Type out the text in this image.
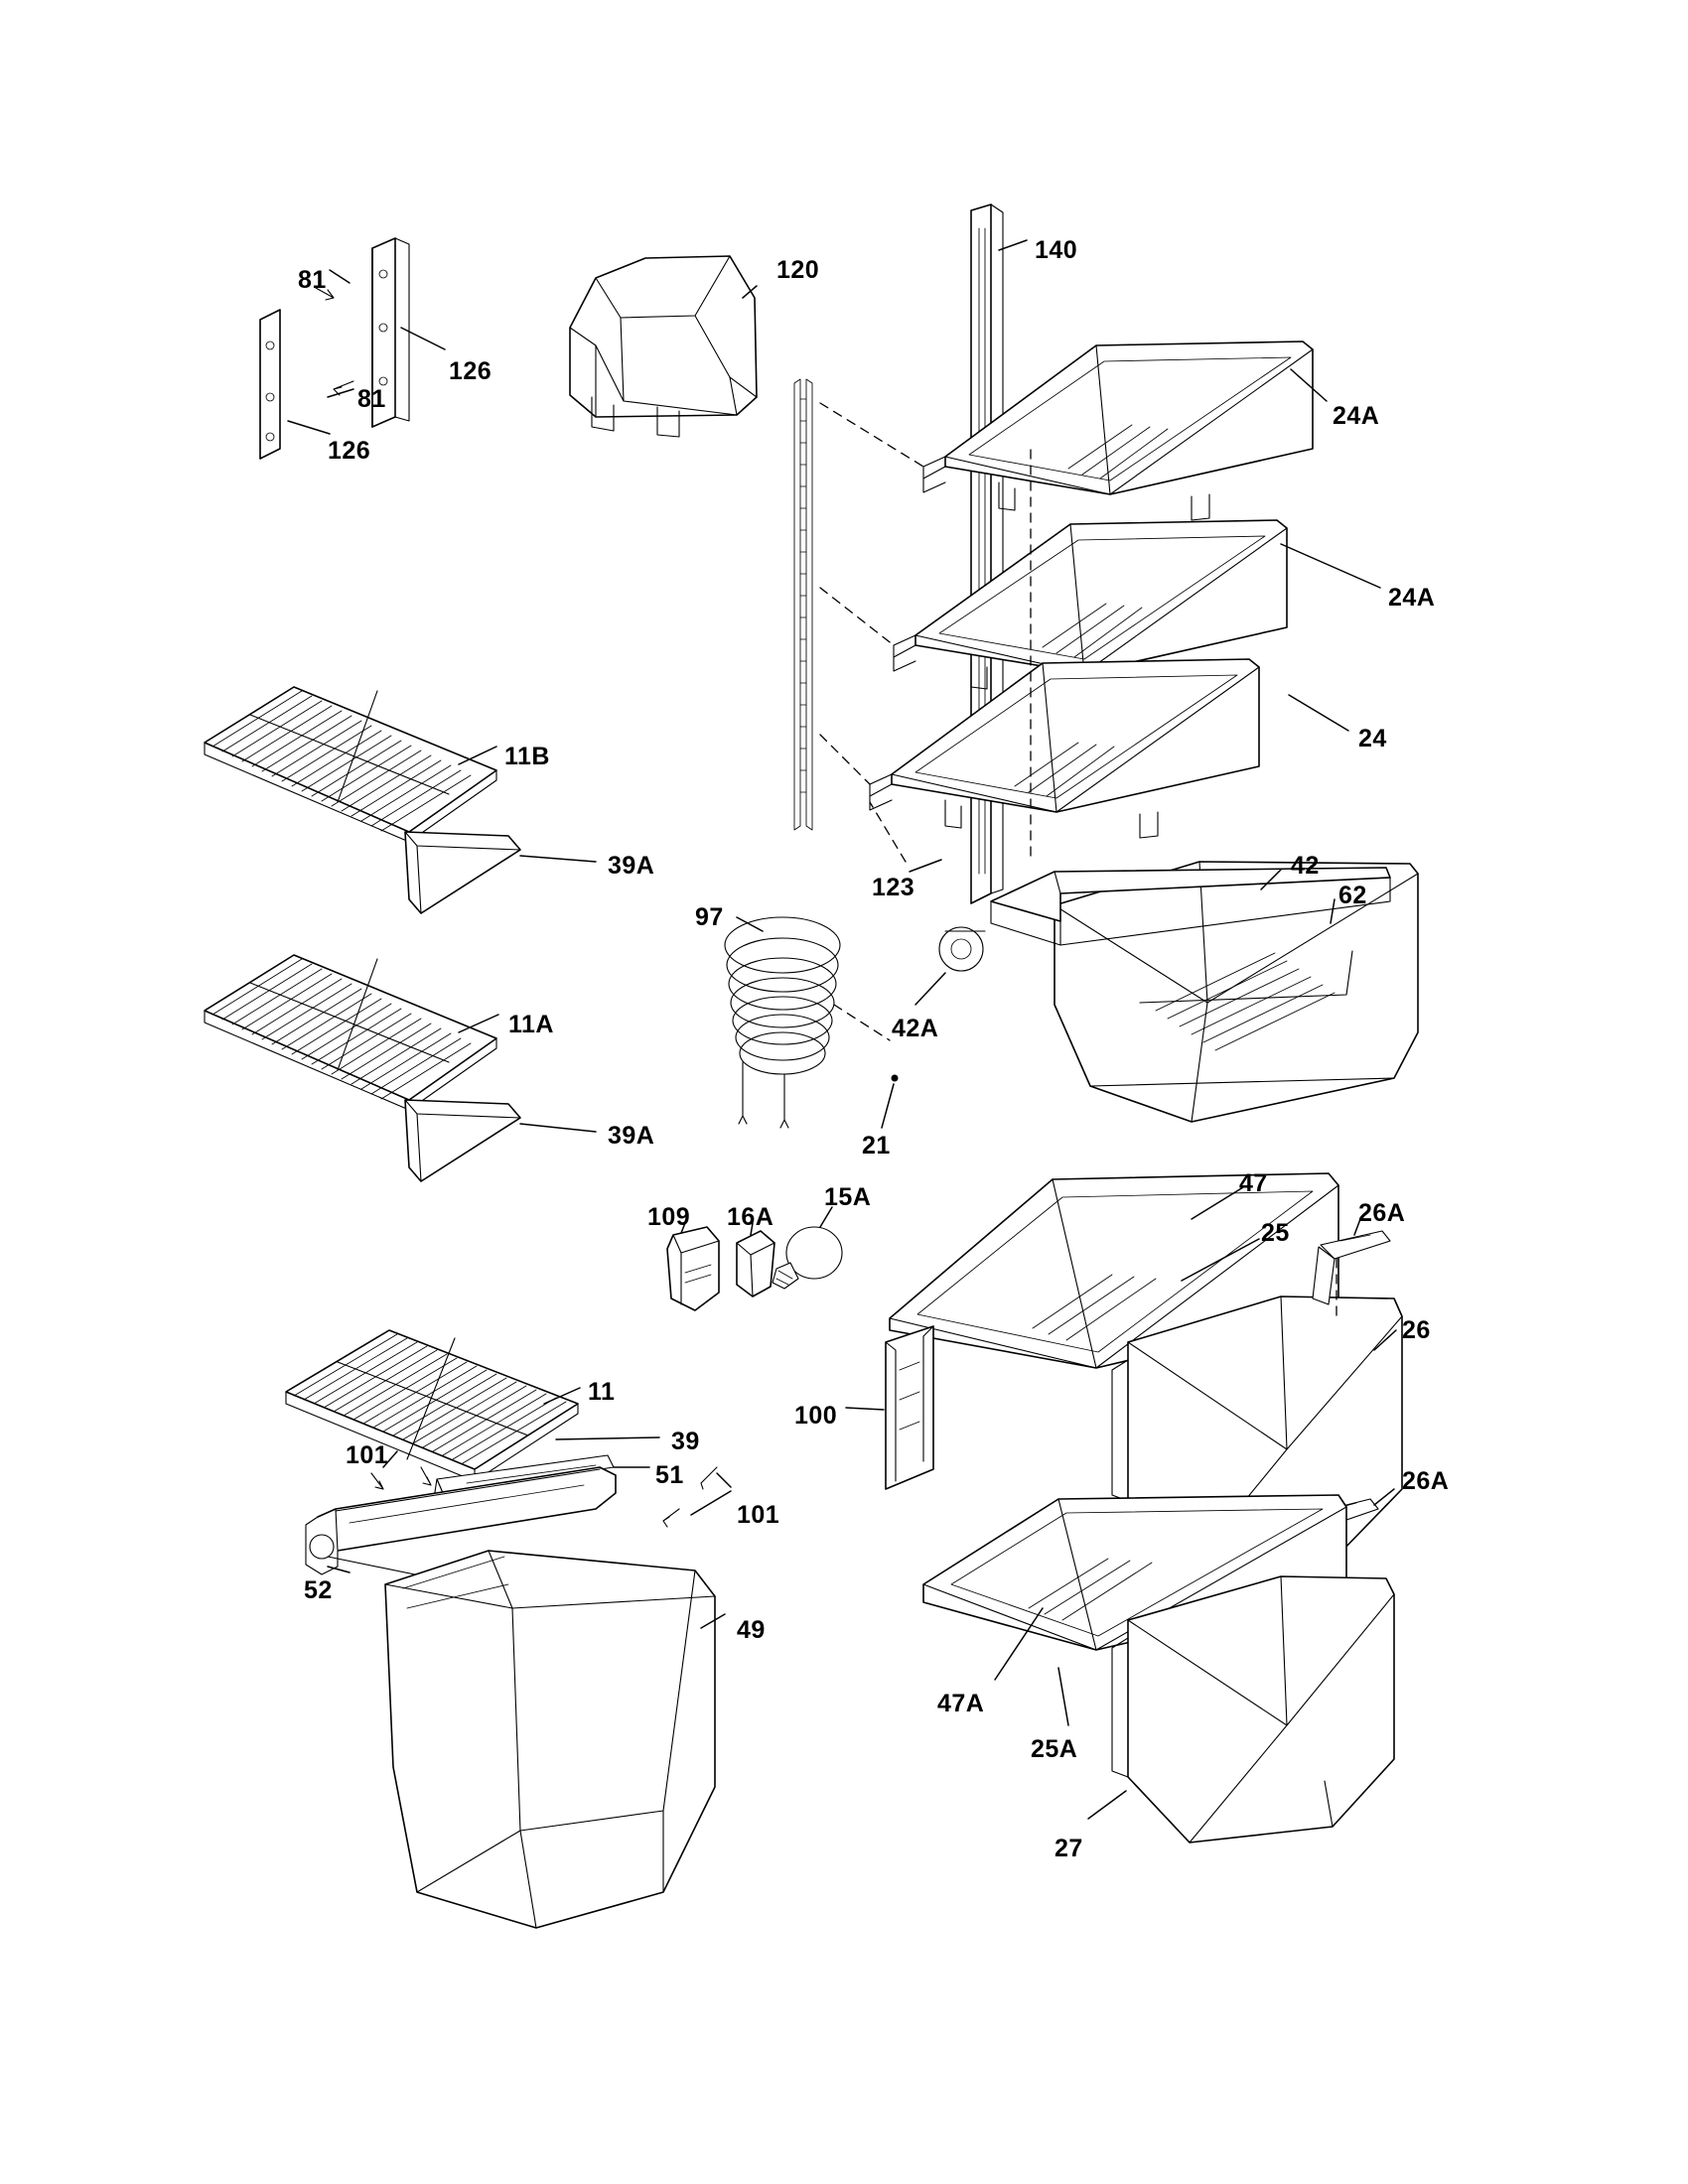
81
126
81
126
120
140
24A
24A
24
11B
39A
123
42
62
97
42A
11A
39A	21
15A
109 16A
47
26A
25
26
11
39
100
101
51	26A
101
52
49
47A
25A
27
